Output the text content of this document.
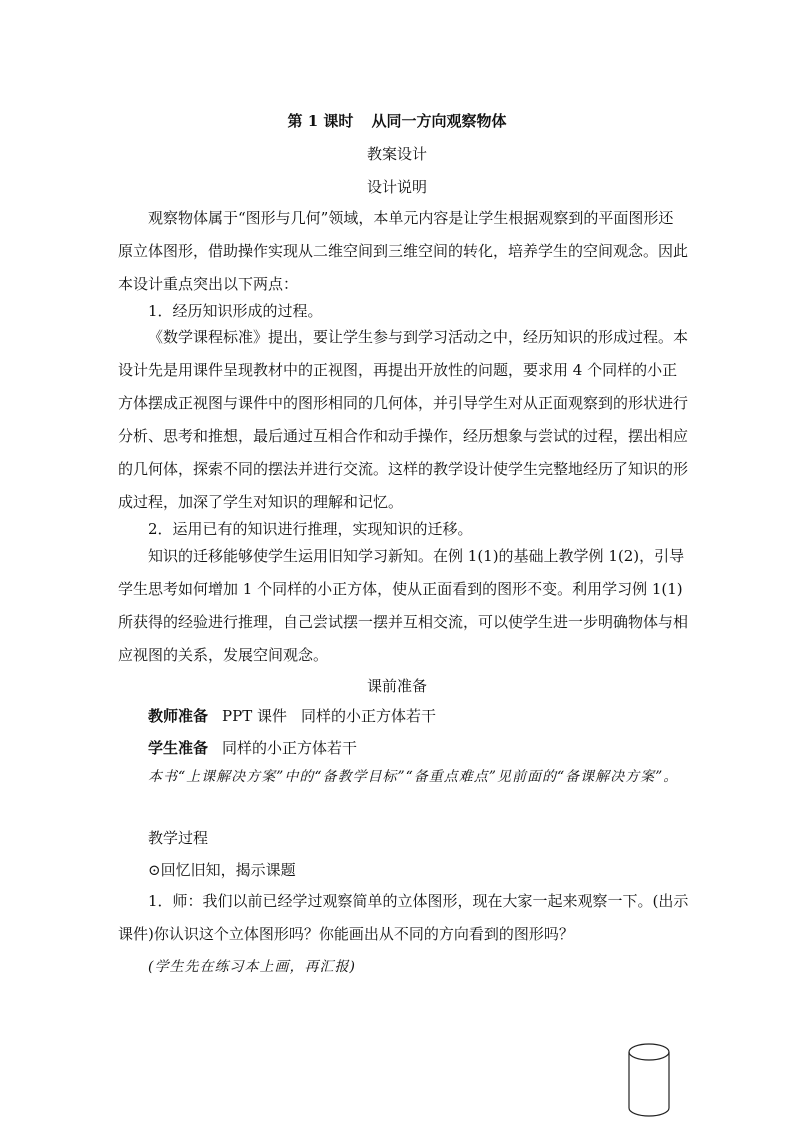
第 1 课时 从同一方向观察物体
教案设计
设计说明
观察物体属于“图形与几何”领域，本单元内容是让学生根据观察到的平面图形还原立体图形，借助操作实现从二维空间到三维空间的转化，培养学生的空间观念。因此本设计重点突出以下两点：
1．经历知识形成的过程。
《数学课程标准》提出，要让学生参与到学习活动之中，经历知识的形成过程。本设计先是用课件呈现教材中的正视图，再提出开放性的问题，要求用 4 个同样的小正方体摆成正视图与课件中的图形相同的几何体，并引导学生对从正面观察到的形状进行分析、思考和推想，最后通过互相合作和动手操作，经历想象与尝试的过程，摆出相应的几何体，探索不同的摆法并进行交流。这样的教学设计使学生完整地经历了知识的形成过程，加深了学生对知识的理解和记忆。
2．运用已有的知识进行推理，实现知识的迁移。
知识的迁移能够使学生运用旧知学习新知。在例 1(1)的基础上教学例 1(2)，引导学生思考如何增加 1 个同样的小正方体，使从正面看到的图形不变。利用学习例 1(1)所获得的经验进行推理，自己尝试摆一摆并互相交流，可以使学生进一步明确物体与相应视图的关系，发展空间观念。
课前准备
教师准备 PPT 课件 同样的小正方体若干
学生准备 同样的小正方体若干
本书“上课解决方案”中的“备教学目标”“备重点难点”见前面的“备课解决方案”。
教学过程
⊙回忆旧知，揭示课题
1．师：我们以前已经学过观察简单的立体图形，现在大家一起来观察一下。(出示课件)你认识这个立体图形吗？你能画出从不同的方向看到的图形吗？
(学生先在练习本上画，再汇报)
